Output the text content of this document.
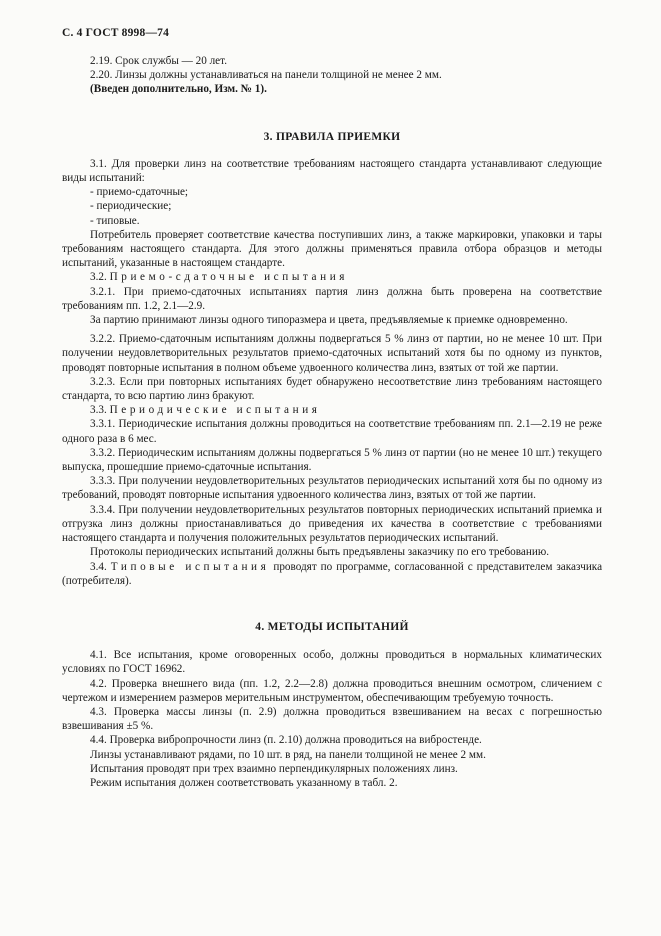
С. 4 ГОСТ 8998—74

2.19. Срок службы — 20 лет.

2.20. Линзы должны устанавливаться на панели толщиной не менее 2 мм.

(Введен дополнительно, Изм. № 1).

3. ПРАВИЛА ПРИЕМКИ

3.1. Для проверки линз на соответствие требованиям настоящего стандарта устанавливают следующие виды испытаний:

- приемо-сдаточные;

- периодические;

- типовые.

Потребитель проверяет соответствие качества поступивших линз, а также маркировки, упаковки и тары требованиям настоящего стандарта. Для этого должны применяться правила отбора образцов и методы испытаний, указанные в настоящем стандарте.

3.2. Приемо-сдаточные испытания

3.2.1. При приемо-сдаточных испытаниях партия линз должна быть проверена на соответствие требованиям пп. 1.2, 2.1—2.9.

За партию принимают линзы одного типоразмера и цвета, предъявляемые к приемке одновременно.

3.2.2. Приемо-сдаточным испытаниям должны подвергаться 5 % линз от партии, но не менее 10 шт. При получении неудовлетворительных результатов приемо-сдаточных испытаний хотя бы по одному из пунктов, проводят повторные испытания в полном объеме удвоенного количества линз, взятых от той же партии.

3.2.3. Если при повторных испытаниях будет обнаружено несоответствие линз требованиям настоящего стандарта, то всю партию линз бракуют.

3.3. Периодические испытания

3.3.1. Периодические испытания должны проводиться на соответствие требованиям пп. 2.1—2.19 не реже одного раза в 6 мес.

3.3.2. Периодическим испытаниям должны подвергаться 5 % линз от партии (но не менее 10 шт.) текущего выпуска, прошедшие приемо-сдаточные испытания.

3.3.3. При получении неудовлетворительных результатов периодических испытаний хотя бы по одному из требований, проводят повторные испытания удвоенного количества линз, взятых от той же партии.

3.3.4. При получении неудовлетворительных результатов повторных периодических испытаний приемка и отгрузка линз должны приостанавливаться до приведения их качества в соответствие с требованиями настоящего стандарта и получения положительных результатов периодических испытаний.

Протоколы периодических испытаний должны быть предъявлены заказчику по его требованию.

3.4. Типовые испытания проводят по программе, согласованной с представителем заказчика (потребителя).

4. МЕТОДЫ ИСПЫТАНИЙ

4.1. Все испытания, кроме оговоренных особо, должны проводиться в нормальных климатических условиях по ГОСТ 16962.

4.2. Проверка внешнего вида (пп. 1.2, 2.2—2.8) должна проводиться внешним осмотром, сличением с чертежом и измерением размеров мерительным инструментом, обеспечивающим требуемую точность.

4.3. Проверка массы линзы (п. 2.9) должна проводиться взвешиванием на весах с погрешностью взвешивания ±5 %.

4.4. Проверка вибропрочности линз (п. 2.10) должна проводиться на вибростенде.

Линзы устанавливают рядами, по 10 шт. в ряд, на панели толщиной не менее 2 мм.

Испытания проводят при трех взаимно перпендикулярных положениях линз.

Режим испытания должен соответствовать указанному в табл. 2.
